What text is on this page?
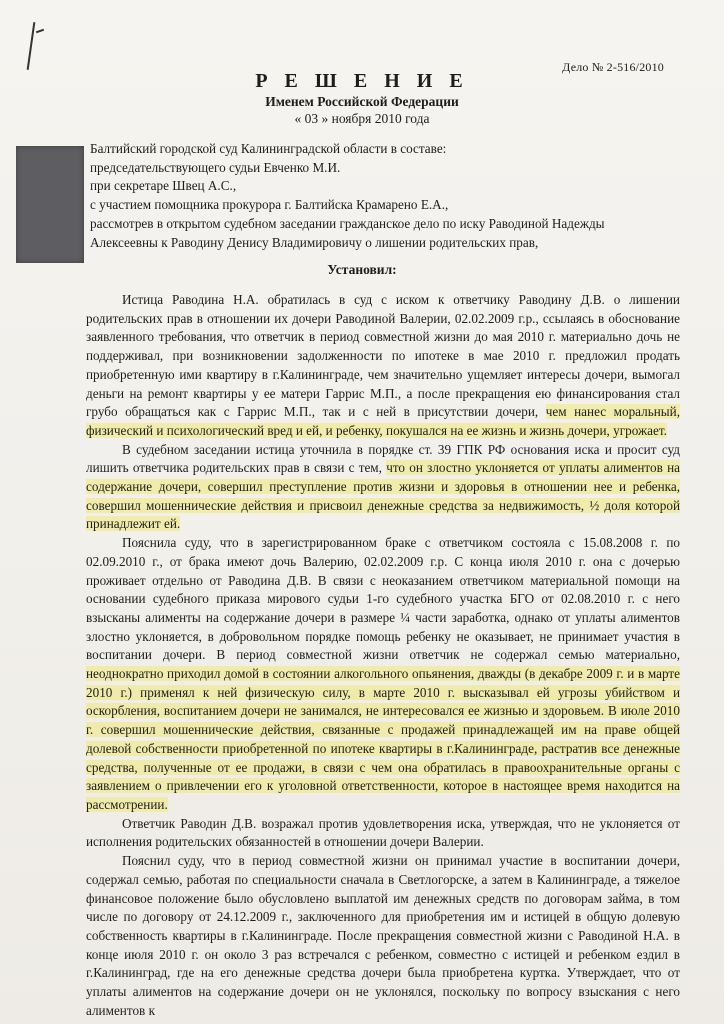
Дело № 2-516/2010
Р Е Ш Е Н И Е
Именем Российской Федерации
« 03 » ноября 2010 года
Балтийский городской суд Калининградской области в составе:
председательствующего судьи Евченко М.И.
при секретаре Швец А.С.,
с участием помощника прокурора г. Балтийска Крамарено Е.А.,
рассмотрев в открытом судебном заседании гражданское дело по иску Раводиной Надежды
Алексеевны к Раводину Денису Владимировичу о лишении родительских прав,
Установил:

Истица Раводина Н.А. обратилась в суд с иском к ответчику Раводину Д.В. о лишении родительских прав в отношении их дочери Раводиной Валерии, 02.02.2009 г.р., ссылаясь в обоснование заявленного требования, что ответчик в период совместной жизни до мая 2010 г. материально дочь не поддерживал, при возникновении задолженности по ипотеке в мае 2010 г. предложил продать приобретенную ими квартиру в г.Калининграде, чем значительно ущемляет интересы дочери, вымогал деньги на ремонт квартиры у ее матери Гаррис М.П., а после прекращения ею финансирования стал грубо обращаться как с Гаррис М.П., так и с ней в присутствии дочери, чем нанес моральный, физический и психологический вред и ей, и ребенку, покушался на ее жизнь и жизнь дочери, угрожает.

В судебном заседании истица уточнила в порядке ст. 39 ГПК РФ основания иска и просит суд лишить ответчика родительских прав в связи с тем, что он злостно уклоняется от уплаты алиментов на содержание дочери, совершил преступление против жизни и здоровья в отношении нее и ребенка, совершил мошеннические действия и присвоил денежные средства за недвижимость, ½ доля которой принадлежит ей.

Пояснила суду, что в зарегистрированном браке с ответчиком состояла с 15.08.2008 г. по 02.09.2010 г., от брака имеют дочь Валерию, 02.02.2009 г.р. С конца июля 2010 г. она с дочерью проживает отдельно от Раводина Д.В. В связи с неоказанием ответчиком материальной помощи на основании судебного приказа мирового судьи 1-го судебного участка БГО от 02.08.2010 г. с него взысканы алименты на содержание дочери в размере ¼ части заработка, однако от уплаты алиментов злостно уклоняется, в добровольном порядке помощь ребенку не оказывает, не принимает участия в воспитании дочери. В период совместной жизни ответчик не содержал семью материально, неоднократно приходил домой в состоянии алкогольного опьянения, дважды (в декабре 2009 г. и в марте 2010 г.) применял к ней физическую силу, в марте 2010 г. высказывал ей угрозы убийством и оскорбления, воспитанием дочери не занимался, не интересовался ее жизнью и здоровьем. В июле 2010 г. совершил мошеннические действия, связанные с продажей принадлежащей им на праве общей долевой собственности приобретенной по ипотеке квартиры в г.Калининграде, растратив все денежные средства, полученные от ее продажи, в связи с чем она обратилась в правоохранительные органы с заявлением о привлечении его к уголовной ответственности, которое в настоящее время находится на рассмотрении.

Ответчик Раводин Д.В. возражал против удовлетворения иска, утверждая, что не уклоняется от исполнения родительских обязанностей в отношении дочери Валерии.

Пояснил суду, что в период совместной жизни он принимал участие в воспитании дочери, содержал семью, работая по специальности сначала в Светлогорске, а затем в Калининграде, а тяжелое финансовое положение было обусловлено выплатой им денежных средств по договорам займа, в том числе по договору от 24.12.2009 г., заключенного для приобретения им и истицей в общую долевую собственность квартиры в г.Калининграде. После прекращения совместной жизни с Раводиной Н.А. в конце июля 2010 г. он около 3 раз встречался с ребенком, совместно с истицей и ребенком ездил в г.Калининград, где на его денежные средства дочери была приобретена куртка. Утверждает, что от уплаты алиментов на содержание дочери он не уклонялся, поскольку по вопросу взыскания с него алиментов к
